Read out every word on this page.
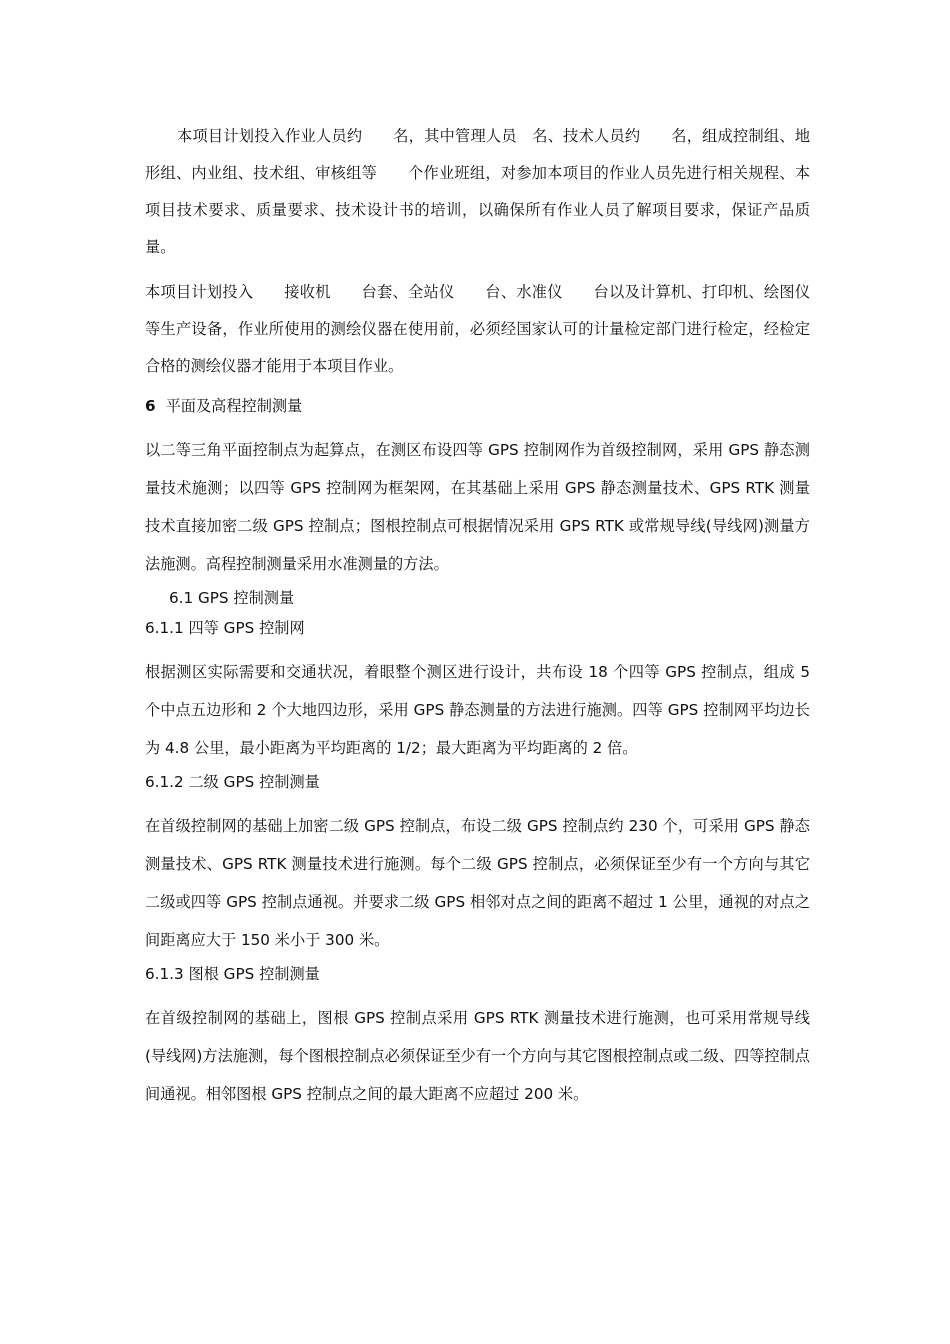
本项目计划投入作业人员约　　名，其中管理人员　名、技术人员约　　名，组成控制组、地形组、内业组、技术组、审核组等　　个作业班组，对参加本项目的作业人员先进行相关规程、本项目技术要求、质量要求、技术设计书的培训，以确保所有作业人员了解项目要求，保证产品质量。

本项目计划投入　　接收机　　台套、全站仪　　台、水准仪　　台以及计算机、打印机、绘图仪等生产设备，作业所使用的测绘仪器在使用前，必须经国家认可的计量检定部门进行检定，经检定合格的测绘仪器才能用于本项目作业。

6 平面及高程控制测量

以二等三角平面控制点为起算点，在测区布设四等 GPS 控制网作为首级控制网，采用 GPS 静态测量技术施测；以四等 GPS 控制网为框架网，在其基础上采用 GPS 静态测量技术、GPS RTK 测量技术直接加密二级 GPS 控制点；图根控制点可根据情况采用 GPS RTK 或常规导线(导线网)测量方法施测。高程控制测量采用水准测量的方法。

6.1 GPS 控制测量
6.1.1 四等 GPS 控制网

根据测区实际需要和交通状况，着眼整个测区进行设计，共布设 18 个四等 GPS 控制点，组成 5 个中点五边形和 2 个大地四边形，采用 GPS 静态测量的方法进行施测。四等 GPS 控制网平均边长为 4.8 公里，最小距离为平均距离的 1/2；最大距离为平均距离的 2 倍。

6.1.2 二级 GPS 控制测量

在首级控制网的基础上加密二级 GPS 控制点，布设二级 GPS 控制点约 230 个，可采用 GPS 静态测量技术、GPS RTK 测量技术进行施测。每个二级 GPS 控制点，必须保证至少有一个方向与其它二级或四等 GPS 控制点通视。并要求二级 GPS 相邻对点之间的距离不超过 1 公里，通视的对点之间距离应大于 150 米小于 300 米。

6.1.3 图根 GPS 控制测量

在首级控制网的基础上，图根 GPS 控制点采用 GPS RTK 测量技术进行施测，也可采用常规导线(导线网)方法施测，每个图根控制点必须保证至少有一个方向与其它图根控制点或二级、四等控制点间通视。相邻图根 GPS 控制点之间的最大距离不应超过 200 米。
